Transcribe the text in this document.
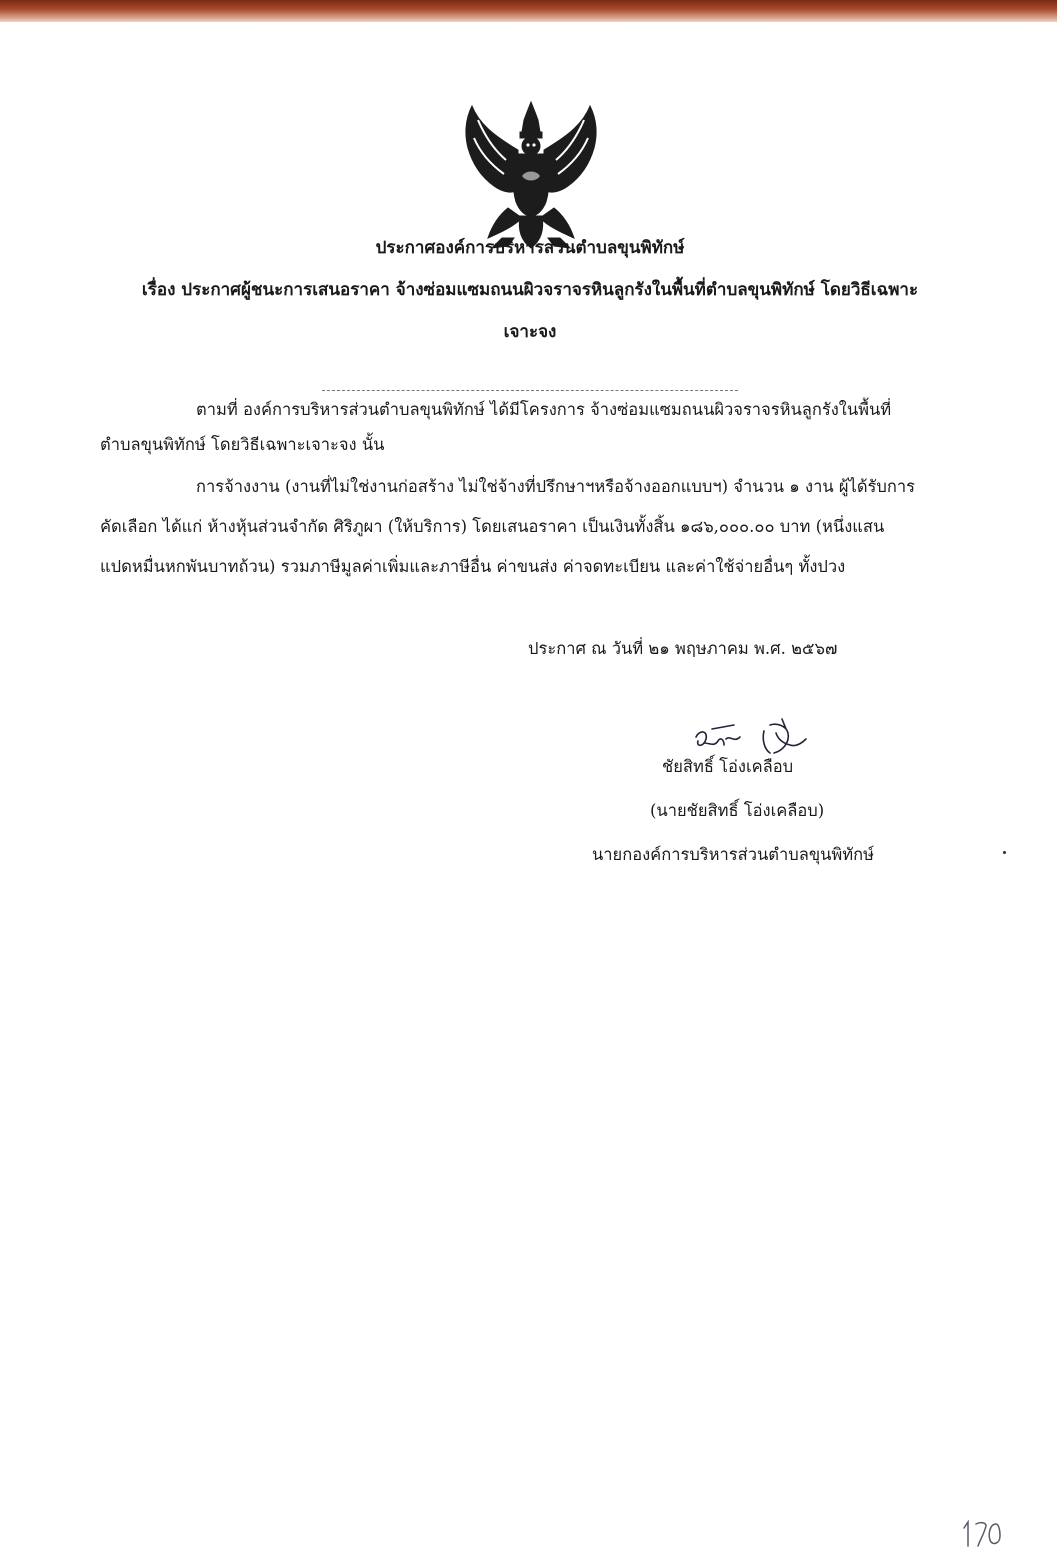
ประกาศองค์การบริหารส่วนตำบลขุนพิทักษ์
เรื่อง ประกาศผู้ชนะการเสนอราคา จ้างซ่อมแซมถนนผิวจราจรหินลูกรังในพื้นที่ตำบลขุนพิทักษ์ โดยวิธีเฉพาะ
เจาะจง
ตามที่ องค์การบริหารส่วนตำบลขุนพิทักษ์ ได้มีโครงการ จ้างซ่อมแซมถนนผิวจราจรหินลูกรังในพื้นที่
ตำบลขุนพิทักษ์ โดยวิธีเฉพาะเจาะจง นั้น
การจ้างงาน (งานที่ไม่ใช่งานก่อสร้าง ไม่ใช่จ้างที่ปรึกษาฯหรือจ้างออกแบบฯ) จำนวน ๑ งาน ผู้ได้รับการ
คัดเลือก ได้แก่ ห้างหุ้นส่วนจำกัด ศิริภูผา (ให้บริการ) โดยเสนอราคา เป็นเงินทั้งสิ้น ๑๘๖,๐๐๐.๐๐ บาท (หนึ่งแสน
แปดหมื่นหกพันบาทถ้วน) รวมภาษีมูลค่าเพิ่มและภาษีอื่น ค่าขนส่ง ค่าจดทะเบียน และค่าใช้จ่ายอื่นๆ ทั้งปวง
ประกาศ ณ วันที่ ๒๑ พฤษภาคม พ.ศ. ๒๕๖๗
ชัยสิทธิ์ โอ่งเคลือบ
(นายชัยสิทธิ์ โอ่งเคลือบ)
นายกองค์การบริหารส่วนตำบลขุนพิทักษ์
